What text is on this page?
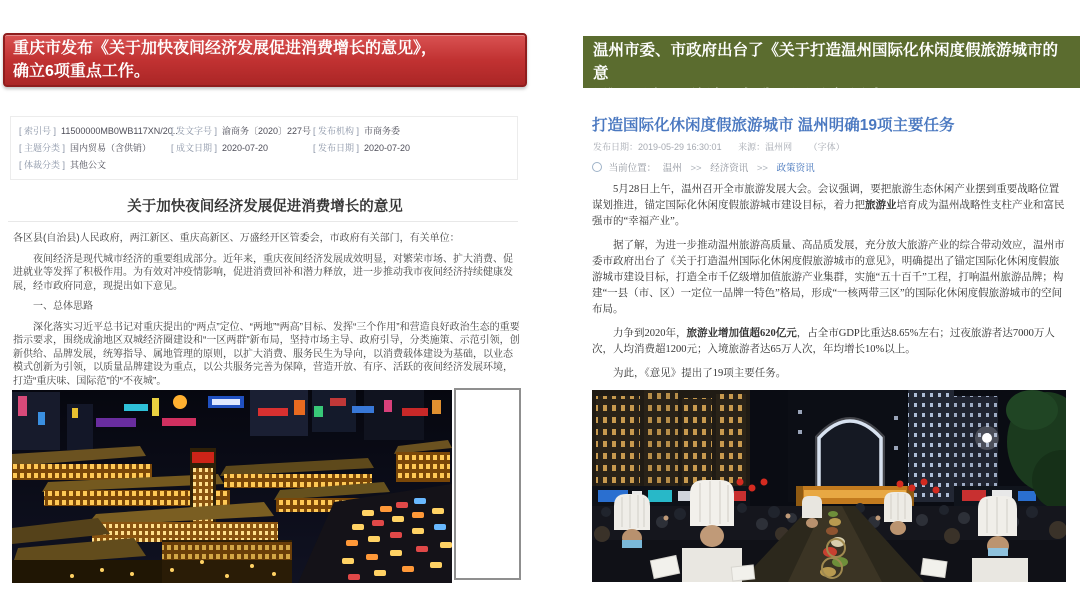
重庆市发布《关于加快夜间经济发展促进消费增长的意见》，
确立6项重点工作。
[ 索引号 ] 11500000MB0WB117XN/20..
[ 发文字号 ] 渝商务〔2020〕227号 [ 发布机构 ] 市商务委
[ 主题分类 ] 国内贸易（含供销） [ 成文日期 ] 2020-07-20	[ 发布日期 ] 2020-07-20
[ 体裁分类 ] 其他公文
关于加快夜间经济发展促进消费增长的意见

各区县(自治县)人民政府，两江新区、重庆高新区、万盛经开区管委会，市政府有关部门，有关单位：

夜间经济是现代城市经济的重要组成部分。近年来，重庆夜间经济发展成效明显，对繁荣市场、扩大消费、促进就业等发挥了积极作用。为有效对冲疫情影响，促进消费回补和潜力释放，进一步推动我市夜间经济持续健康发展，经市政府同意，现提出如下意见。

一、总体思路

深化落实习近平总书记对重庆提出的“两点”定位、“两地”“两高”目标、发挥“三个作用”和营造良好政治生态的重要指示要求，围绕成渝地区双城经济圈建设和“一区两群”新布局，坚持市场主导、政府引导，分类施策、示范引领，创新供给、品牌发展，统筹指导、属地管理的原则，以扩大消费、服务民生为导向，以消费载体建设为基础，以业态模式创新为引领，以质量品牌建设为重点，以公共服务完善为保障，营造开放、有序、活跃的夜间经济发展环境，打造“重庆味、国际范”的“不夜城”。

温州市委、市政府出台了《关于打造温州国际化休闲度假旅游城市的意
见》，明确19项任务。打造“百县千碗”活动。
打造国际化休闲度假旅游城市 温州明确19项主要任务
发布日期：2019-05-29 16:30:01 来源：温州网 （字体）
当前位置： 温州 >> 经济资讯 >> 政策资讯

5月28日上午，温州召开全市旅游发展大会。会议强调，要把旅游生态休闲产业摆到重要战略位置谋划推进，锚定国际化休闲度假旅游城市建设目标，着力把旅游业培育成为温州战略性支柱产业和富民强市的“幸福产业”。

据了解，为进一步推动温州旅游高质量、高品质发展，充分放大旅游产业的综合带动效应，温州市委市政府出台了《关于打造温州国际化休闲度假旅游城市的意见》，明确提出了锚定国际化休闲度假旅游城市建设目标，打造全市千亿级增加值旅游产业集群，实施“五十百千”工程，打响温州旅游品牌；构建“一县（市、区）一定位一品牌一特色”格局，形成“一核两带三区”的国际化休闲度假旅游城市的空间布局。

力争到2020年，旅游业增加值超620亿元，占全市GDP比重达8.65%左右；过夜旅游者达7000万人次，人均消费超1200元；入境旅游者达65万人次，年均增长10%以上。

为此，《意见》提出了19项主要任务。
